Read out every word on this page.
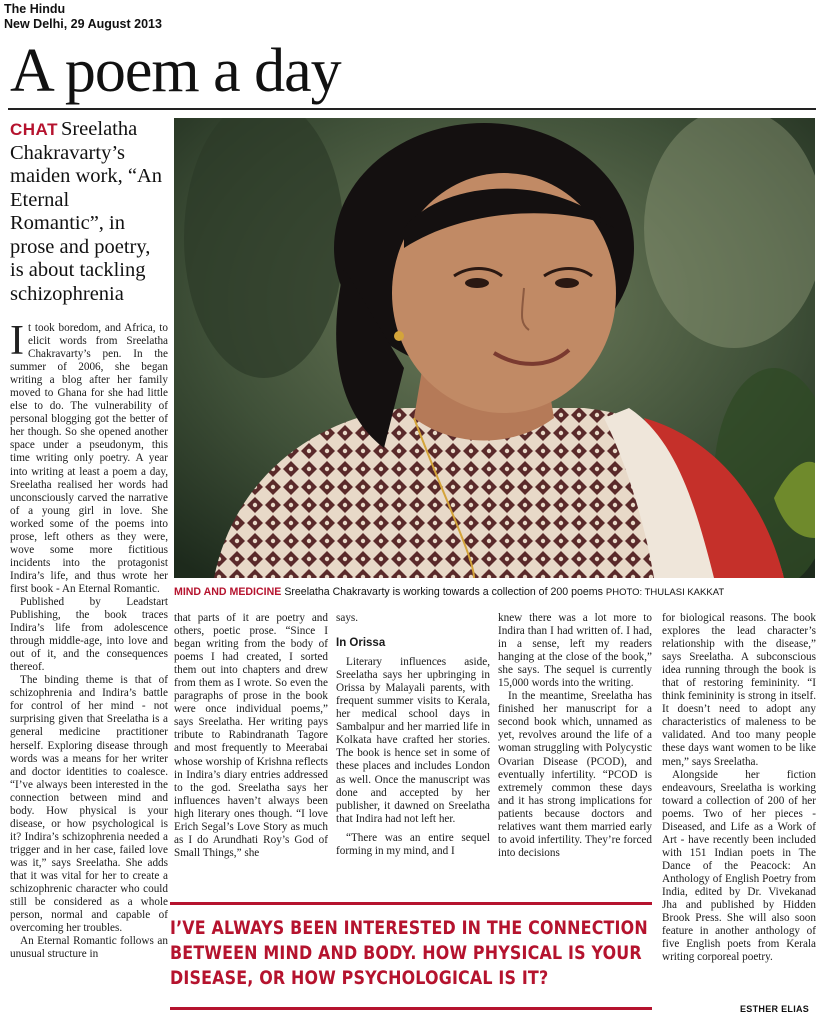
The Hindu
New Delhi, 29 August 2013
A poem a day
CHAT Sreelatha Chakravarty’s maiden work, “An Eternal Romantic”, in prose and poetry, is about tackling schizophrenia

It took boredom, and Africa, to elicit words from Sreelatha Chakravarty’s pen. In the summer of 2006, she began writing a blog after her family moved to Ghana for she had little else to do. The vulnerability of personal blogging got the better of her though. So she opened another space under a pseudonym, this time writing only poetry. A year into writing at least a poem a day, Sreelatha realised her words had unconsciously carved the narrative of a young girl in love. She worked some of the poems into prose, left others as they were, wove some more fictitious incidents into the protagonist Indira’s life, and thus wrote her first book - An Eternal Romantic.

Published by Leadstart Publishing, the book traces Indira’s life from adolescence through middle-age, into love and out of it, and the consequences thereof.

The binding theme is that of schizophrenia and Indira’s battle for control of her mind - not surprising given that Sreelatha is a general medicine practitioner herself. Exploring disease through words was a means for her writer and doctor identities to coalesce. “I’ve always been interested in the connection between mind and body. How physical is your disease, or how psychological is it? Indira’s schizophrenia needed a trigger and in her case, failed love was it,” says Sreelatha. She adds that it was vital for her to create a schizophrenic character who could still be considered as a whole person, normal and capable of overcoming her troubles.

An Eternal Romantic follows an unusual structure in

MIND AND MEDICINE Sreelatha Chakravarty is working towards a collection of 200 poems PHOTO: THULASI KAKKAT

that parts of it are poetry and others, poetic prose. “Since I began writing from the body of poems I had created, I sorted them out into chapters and drew from them as I wrote. So even the paragraphs of prose in the book were once individual poems,” says Sreelatha. Her writing pays tribute to Rabindranath Tagore and most frequently to Meerabai whose worship of Krishna reflects in Indira’s diary entries addressed to the god. Sreelatha says her influences haven’t always been high literary ones though. “I love Erich Segal’s Love Story as much as I do Arundhati Roy’s God of Small Things,” she

says.

In Orissa

Literary influences aside, Sreelatha says her upbringing in Orissa by Malayali parents, with frequent summer visits to Kerala, her medical school days in Sambalpur and her married life in Kolkata have crafted her stories. The book is hence set in some of these places and includes London as well. Once the manuscript was done and accepted by her publisher, it dawned on Sreelatha that Indira had not left her.

“There was an entire sequel forming in my mind, and I

knew there was a lot more to Indira than I had written of. I had, in a sense, left my readers hanging at the close of the book,” she says. The sequel is currently 15,000 words into the writing.

In the meantime, Sreelatha has finished her manuscript for a second book which, unnamed as yet, revolves around the life of a woman struggling with Polycystic Ovarian Disease (PCOD), and eventually infertility. “PCOD is extremely common these days and it has strong implications for patients because doctors and relatives want them married early to avoid infertility. They’re forced into decisions

for biological reasons. The book explores the lead character’s relationship with the disease,” says Sreelatha. A subconscious idea running through the book is that of restoring femininity. “I think femininity is strong in itself. It doesn’t need to adopt any characteristics of maleness to be validated. And too many people these days want women to be like men,” says Sreelatha.

Alongside her fiction endeavours, Sreelatha is working toward a collection of 200 of her poems. Two of her pieces - Diseased, and Life as a Work of Art - have recently been included with 151 Indian poets in The Dance of the Peacock: An Anthology of English Poetry from India, edited by Dr. Vivekanad Jha and published by Hidden Brook Press. She will also soon feature in another anthology of five English poets from Kerala writing corporeal poetry.

I’VE ALWAYS BEEN INTERESTED IN THE CONNECTION BETWEEN MIND AND BODY. HOW PHYSICAL IS YOUR DISEASE, OR HOW PSYCHOLOGICAL IS IT?
ESTHER ELIAS
